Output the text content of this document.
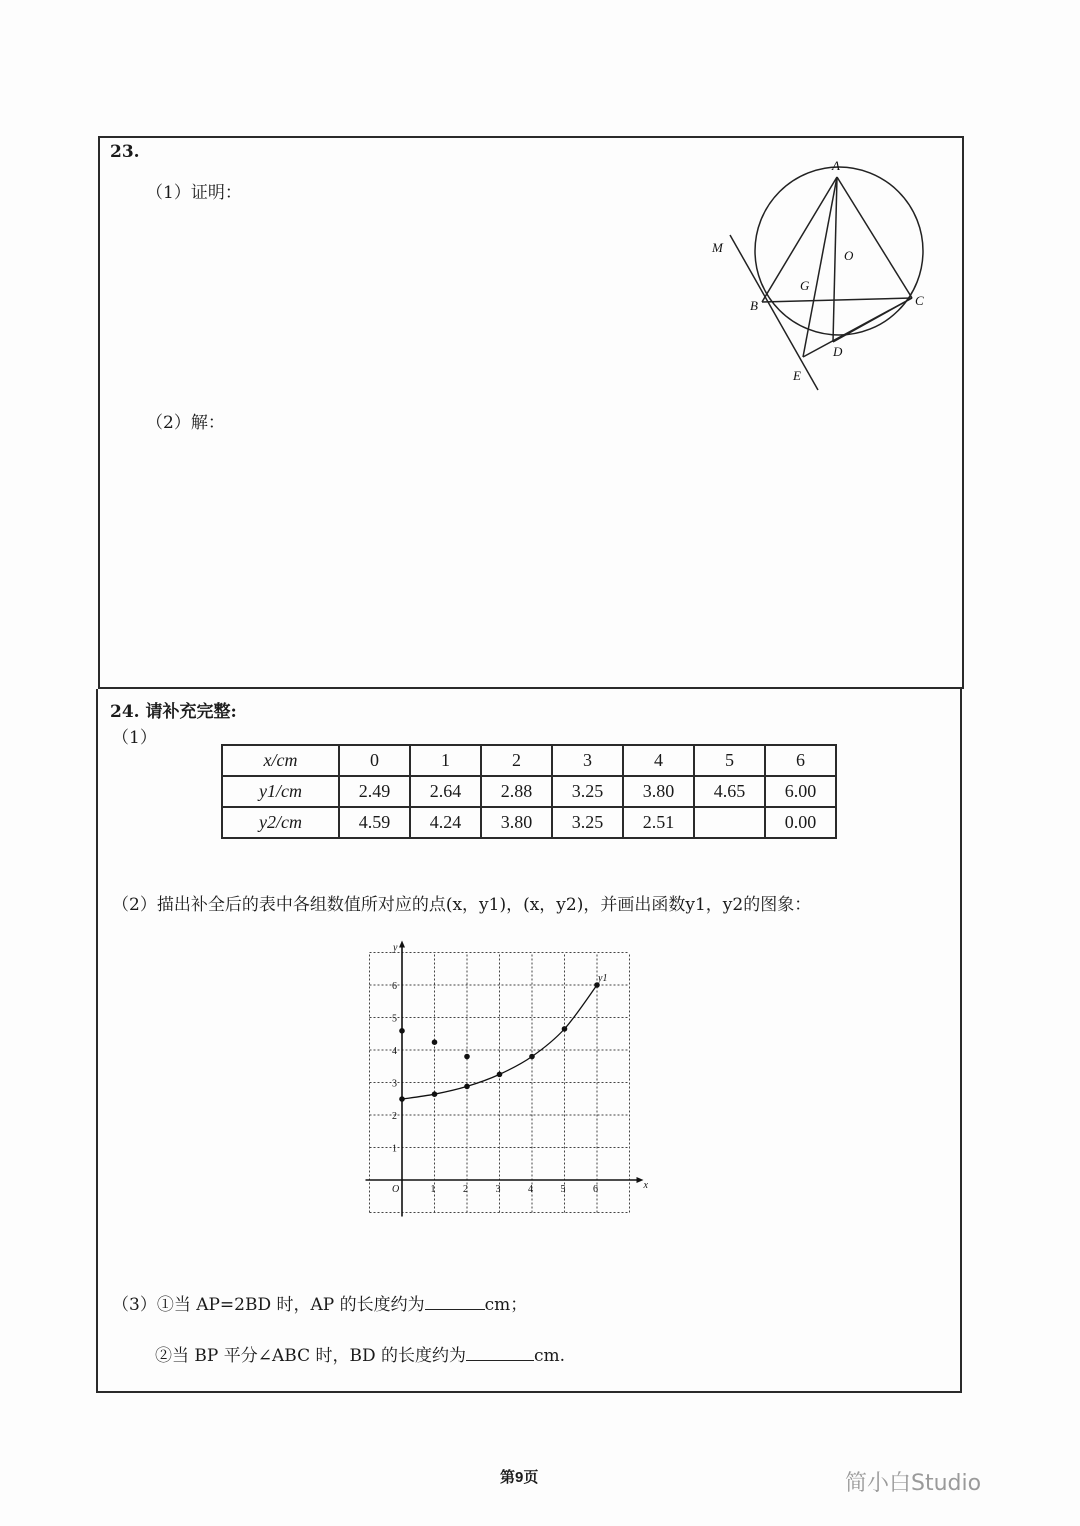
23.
（1）证明：
（2）解：
A
O
M
G
B	C
D
E
24. 请补充完整:
（1）
x/cm	0	1	2	3	4	5	6
y1/cm	2.49	2.64	2.88	3.25	3.80	4.65	6.00
y2/cm	4.59	4.24	3.80	3.25	2.51		0.00
（2）描出补全后的表中各组数值所对应的点(x，y1)，(x，y2)，并画出函数y1，y2的图象：
x
y
O	1	2	3	4	5	6
1
2
3
4
5
6
y1
（3）①当 AP=2BD 时，AP 的长度约为	cm；
②当 BP 平分∠ABC 时，BD 的长度约为	cm.
第9页	简小白Studio
